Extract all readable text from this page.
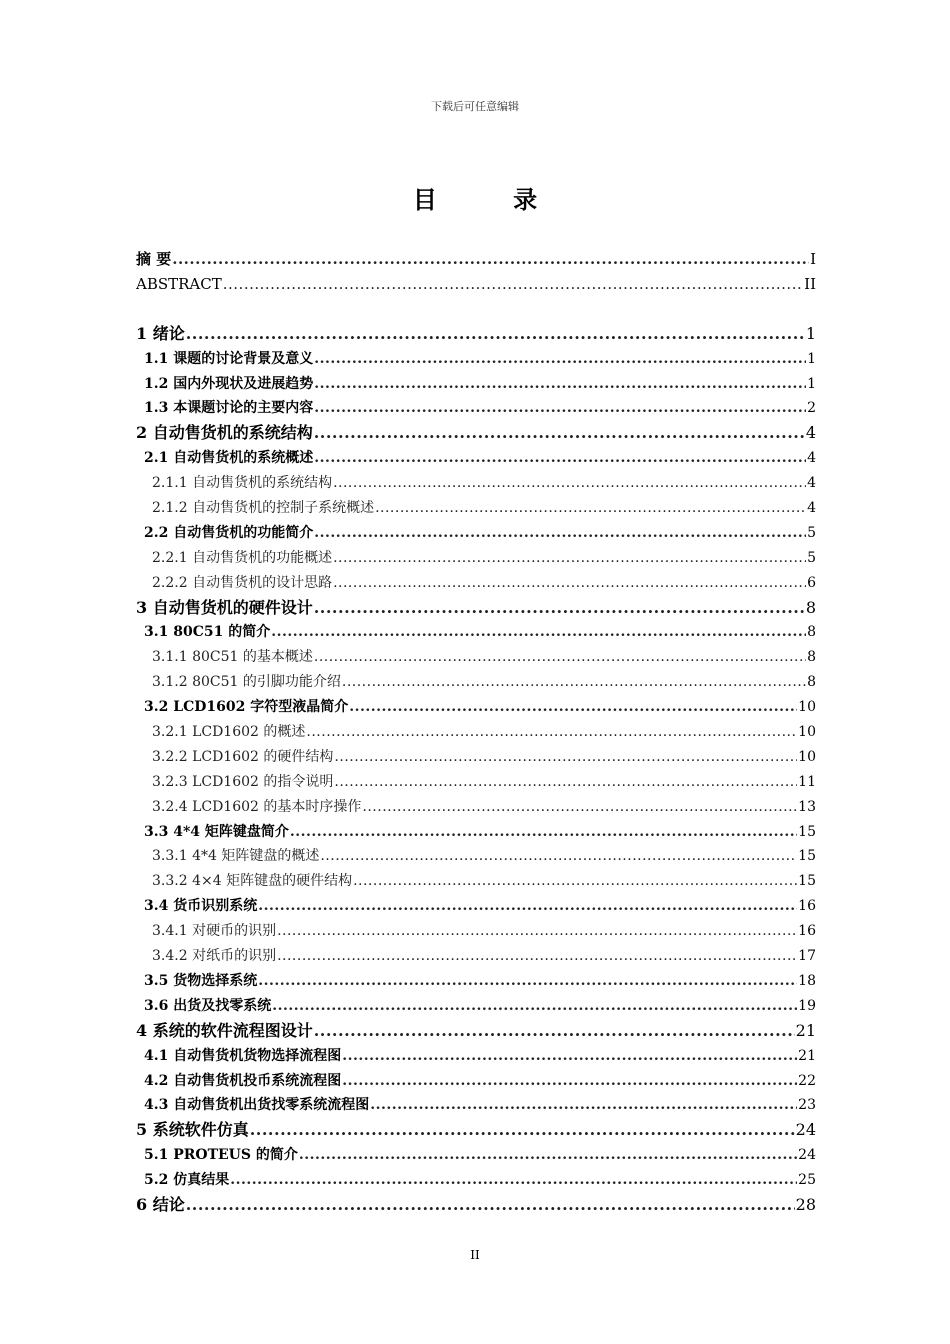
下载后可任意编辑
目 录
摘 要 .....	I
ABSTRACT .....	II
1 绪论 .....	1
1.1 课题的讨论背景及意义 .....	1
1.2 国内外现状及进展趋势 .....	1
1.3 本课题讨论的主要内容 .....	2
2 自动售货机的系统结构 .....	4
2.1 自动售货机的系统概述 .....	4
2.1.1 自动售货机的系统结构 .....	4
2.1.2 自动售货机的控制子系统概述 .....	4
2.2 自动售货机的功能简介 .....	5
2.2.1 自动售货机的功能概述 .....	5
2.2.2 自动售货机的设计思路 .....	6
3 自动售货机的硬件设计 .....	8
3.1 80C51 的简介 .....	8
3.1.1 80C51 的基本概述 .....	8
3.1.2 80C51 的引脚功能介绍 .....	8
3.2 LCD1602 字符型液晶简介 .....	10
3.2.1 LCD1602 的概述 .....	10
3.2.2 LCD1602 的硬件结构 .....	10
3.2.3 LCD1602 的指令说明 .....	11
3.2.4 LCD1602 的基本时序操作 .....	13
3.3 4*4 矩阵键盘简介 .....	15
3.3.1 4*4 矩阵键盘的概述 .....	15
3.3.2 4×4 矩阵键盘的硬件结构 .....	15
3.4 货币识别系统 .....	16
3.4.1 对硬币的识别 .....	16
3.4.2 对纸币的识别 .....	17
3.5 货物选择系统 .....	18
3.6 出货及找零系统 .....	19
4 系统的软件流程图设计 .....	21
4.1 自动售货机货物选择流程图 .....	21
4.2 自动售货机投币系统流程图 .....	22
4.3 自动售货机出货找零系统流程图 .....	23
5 系统软件仿真 .....	24
5.1 PROTEUS 的简介 .....	24
5.2 仿真结果 .....	25
6 结论 .....	28
II
